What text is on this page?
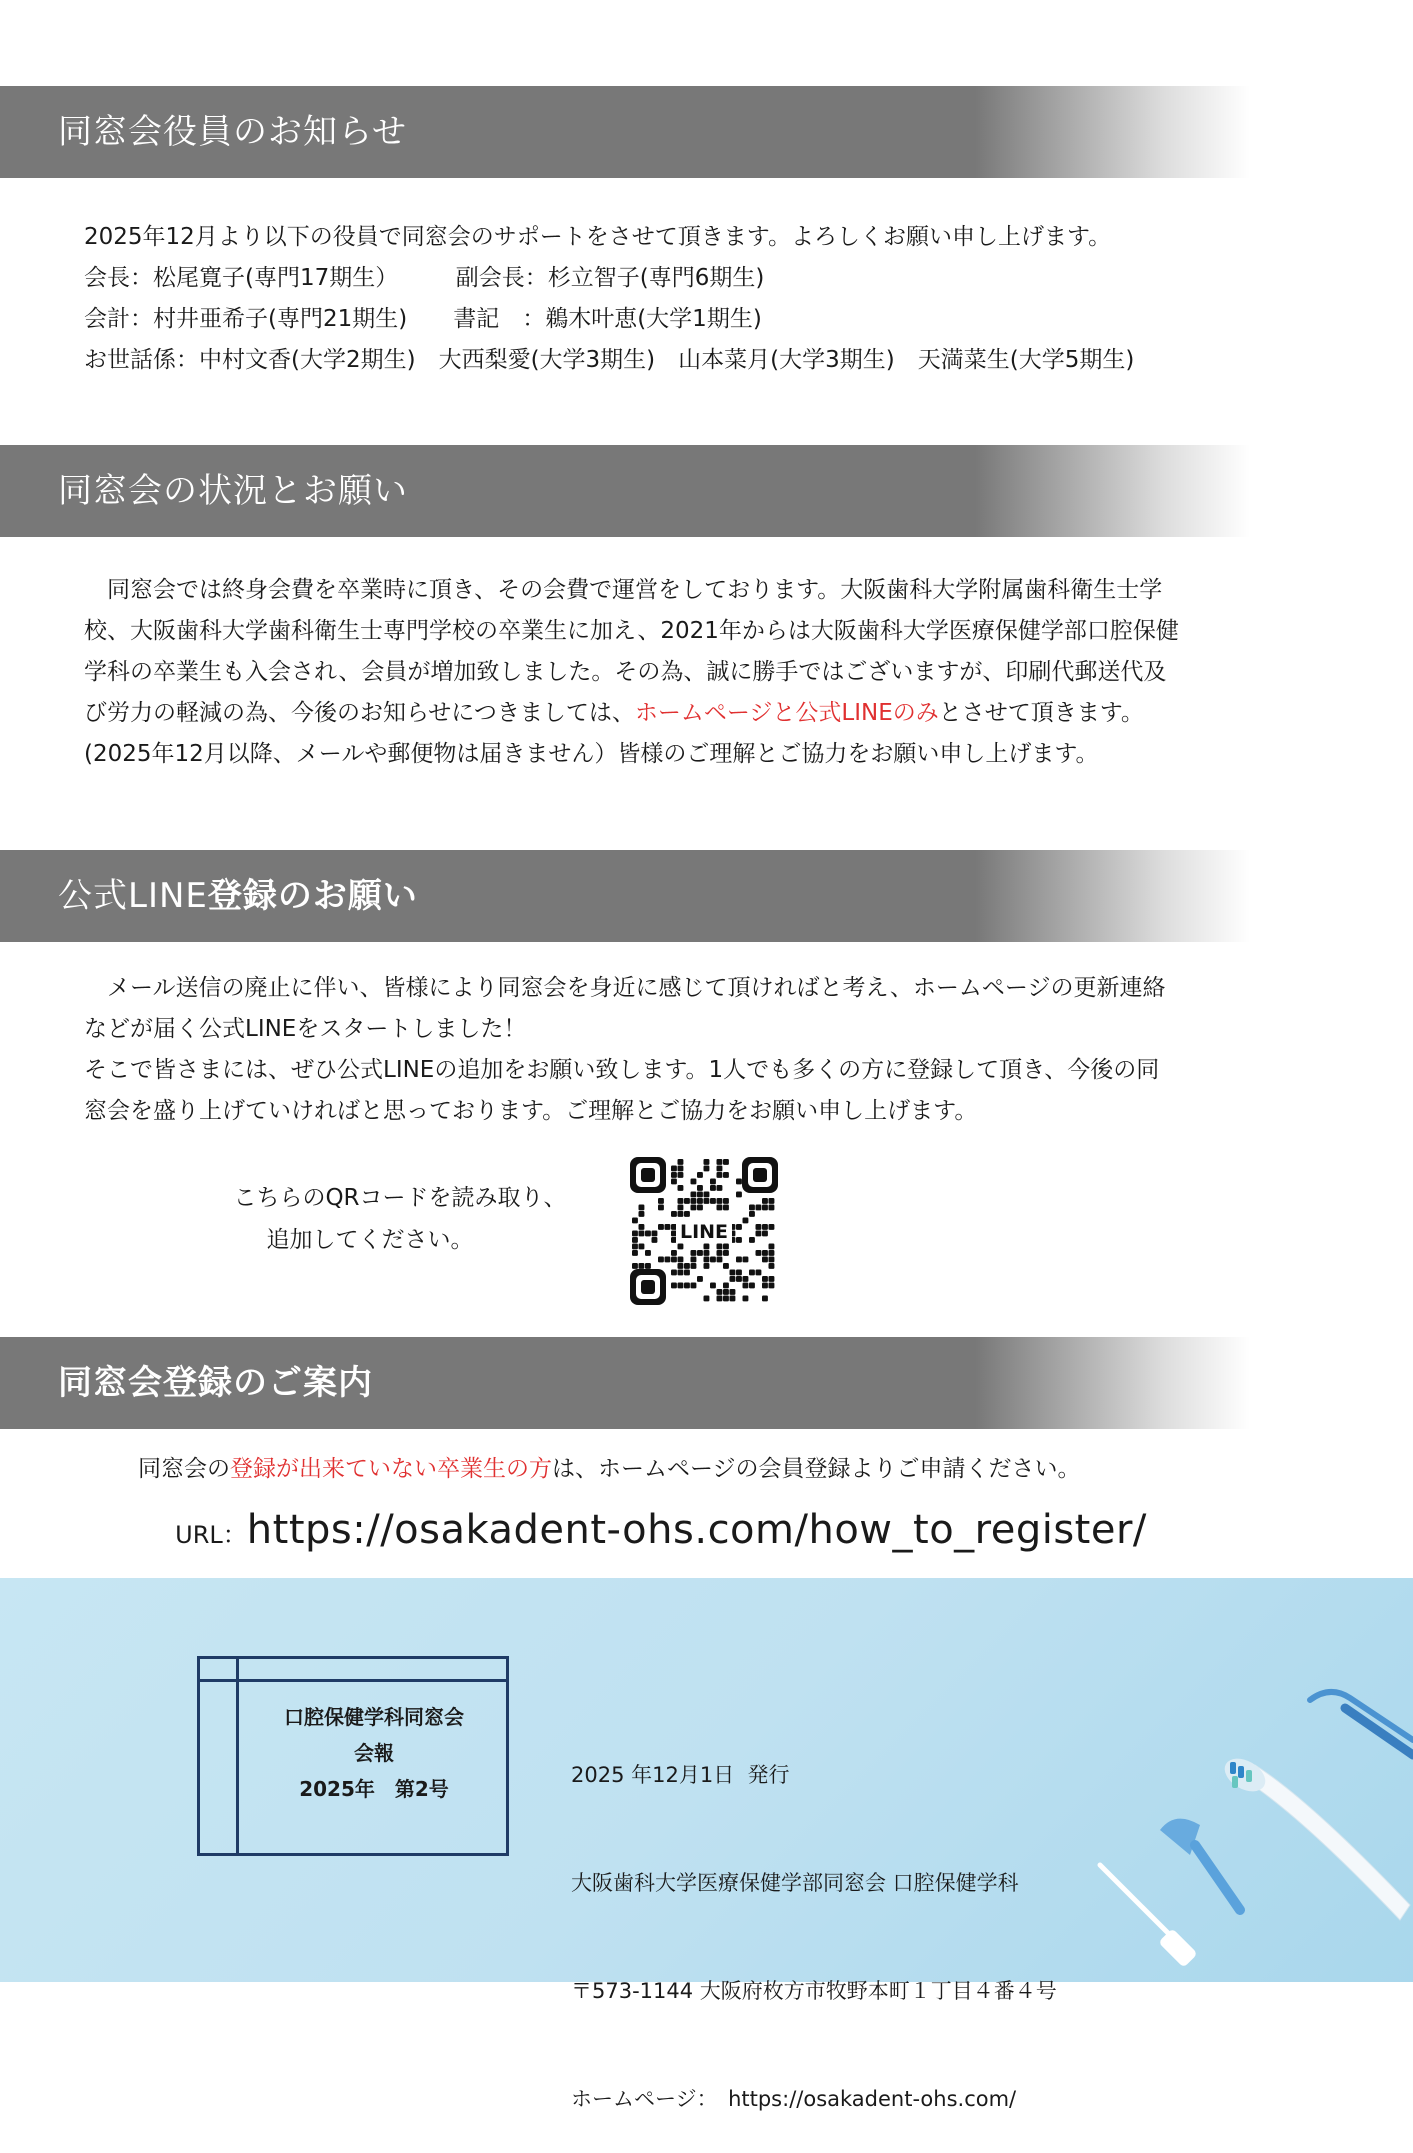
同窓会役員のお知らせ
2025年12月より以下の役員で同窓会のサポートをさせて頂きます。よろしくお願い申し上げます。
会長：松尾寛子(専門17期生）　　　副会長：杉立智子(専門6期生)
会計：村井亜希子(専門21期生)　　書記　：鵜木叶恵(大学1期生)
お世話係：中村文香(大学2期生)　大西梨愛(大学3期生)　山本菜月(大学3期生)　天満菜生(大学5期生)
同窓会の状況とお願い
　同窓会では終身会費を卒業時に頂き、その会費で運営をしております。大阪歯科大学附属歯科衛生士学
校、大阪歯科大学歯科衛生士専門学校の卒業生に加え、2021年からは大阪歯科大学医療保健学部口腔保健
学科の卒業生も入会され、会員が増加致しました。その為、誠に勝手ではございますが、印刷代郵送代及
び労力の軽減の為、今後のお知らせにつきましては、ホームページと公式LINEのみとさせて頂きます。
(2025年12月以降、メールや郵便物は届きません）皆様のご理解とご協力をお願い申し上げます。
公式LINE登録のお願い
　メール送信の廃止に伴い、皆様により同窓会を身近に感じて頂ければと考え、ホームページの更新連絡
などが届く公式LINEをスタートしました！
そこで皆さまには、ぜひ公式LINEの追加をお願い致します。1人でも多くの方に登録して頂き、今後の同
窓会を盛り上げていければと思っております。ご理解とご協力をお願い申し上げます。
こちらのQRコードを読み取り、
追加してください。	LINE
同窓会登録のご案内
同窓会の登録が出来ていない卒業生の方は、ホームページの会員登録よりご申請ください。

URL：https://osakadent-ohs.com/how_to_register/

口腔保健学科同窓会
会報
2025年　第2号

2025 年12月1日  発行

大阪歯科大学医療保健学部同窓会 口腔保健学科

〒573-1144 大阪府枚方市牧野本町１丁目４番４号

ホームページ：　https://osakadent-ohs.com/
